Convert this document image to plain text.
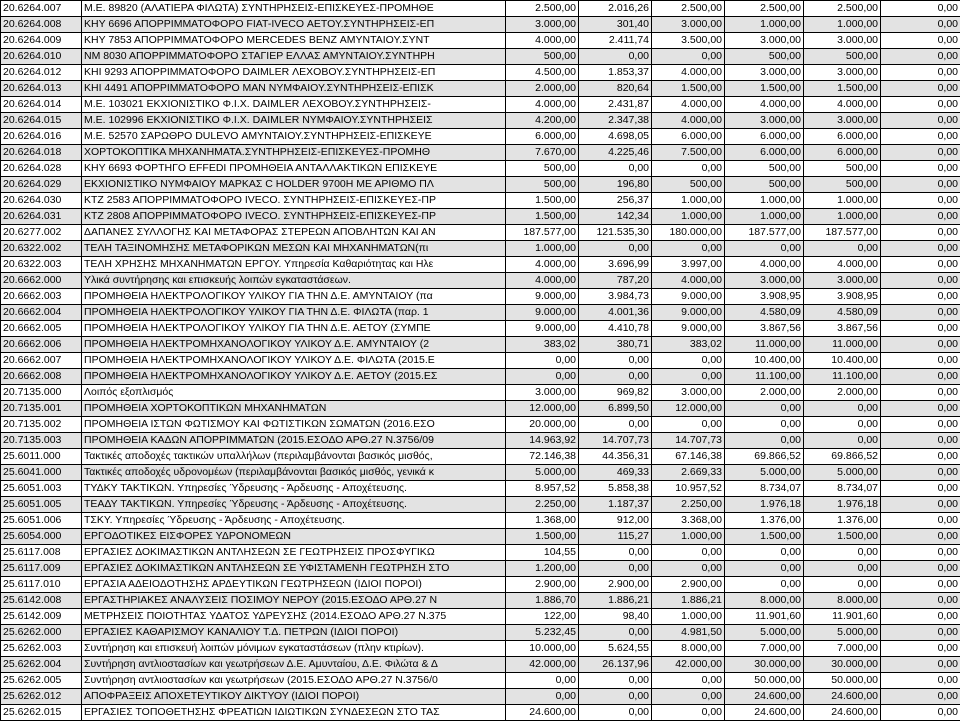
20.6264.007	Μ.Ε. 89820 (ΑΛΑΤΙΕΡΑ ΦΙΛΩΤΑ) ΣΥΝΤΗΡΗΣΕΙΣ-ΕΠΙΣΚΕΥΕΣ-ΠΡΟΜΗΘΕ	2.500,00	2.016,26	2.500,00	2.500,00	2.500,00	0,00
20.6264.008	ΚΗΥ 6696 ΑΠΟΡΡΙΜΜΑΤΟΦΟΡΟ FIAT-IVECO ΑΕΤΟΥ.ΣΥΝΤΗΡΗΣΕΙΣ-ΕΠ	3.000,00	301,40	3.000,00	1.000,00	1.000,00	0,00
20.6264.009	ΚΗΥ 7853 ΑΠΟΡΡΙΜΜΑΤΟΦΟΡΟ MERCEDES BENZ ΑΜΥΝΤΑΙΟΥ.ΣΥΝΤ	4.000,00	2.411,74	3.500,00	3.000,00	3.000,00	0,00
20.6264.010	ΝΜ 8030 ΑΠΟΡΡΙΜΜΑΤΟΦΟΡΟ ΣΤΑΓΙΕΡ ΕΛΛΑΣ ΑΜΥΝΤΑΙΟΥ.ΣΥΝΤΗΡΗ	500,00	0,00	0,00	500,00	500,00	0,00
20.6264.012	ΚΗΙ 9293 ΑΠΟΡΡΙΜΜΑΤΟΦΟΡΟ DAIMLER ΛΕΧΟΒΟΥ.ΣΥΝΤΗΡΗΣΕΙΣ-ΕΠ	4.500,00	1.853,37	4.000,00	3.000,00	3.000,00	0,00
20.6264.013	ΚΗΙ 4491 ΑΠΟΡΡΙΜΜΑΤΟΦΟΡΟ ΜΑΝ ΝΥΜΦΑΙΟΥ.ΣΥΝΤΗΡΗΣΕΙΣ-ΕΠΙΣΚ	2.000,00	820,64	1.500,00	1.500,00	1.500,00	0,00
20.6264.014	Μ.Ε. 103021 ΕΚΧΙΟΝΙΣΤΙΚΟ Φ.Ι.Χ. DAIMLER ΛΕΧΟΒΟΥ.ΣΥΝΤΗΡΗΣΕΙΣ-	4.000,00	2.431,87	4.000,00	4.000,00	4.000,00	0,00
20.6264.015	Μ.Ε. 102996 ΕΚΧΙΟΝΙΣΤΙΚΟ Φ.Ι.Χ. DAIMLER ΝΥΜΦΑΙΟΥ.ΣΥΝΤΗΡΗΣΕΙΣ	4.200,00	2.347,38	4.000,00	3.000,00	3.000,00	0,00
20.6264.016	Μ.Ε. 52570 ΣΑΡΩΘΡΟ DULEVO ΑΜΥΝΤΑΙΟΥ.ΣΥΝΤΗΡΗΣΕΙΣ-ΕΠΙΣΚΕΥΕ	6.000,00	4.698,05	6.000,00	6.000,00	6.000,00	0,00
20.6264.018	ΧΟΡΤΟΚΟΠΤΙΚΑ ΜΗΧΑΝΗΜΑΤΑ.ΣΥΝΤΗΡΗΣΕΙΣ-ΕΠΙΣΚΕΥΕΣ-ΠΡΟΜΗΘ	7.670,00	4.225,46	7.500,00	6.000,00	6.000,00	0,00
20.6264.028	ΚΗΥ 6693 ΦΟΡΤΗΓΟ EFFEDI ΠΡΟΜΗΘΕΙΑ ΑΝΤΑΛΛΑΚΤΙΚΩΝ ΕΠΙΣΚΕΥΕ	500,00	0,00	0,00	500,00	500,00	0,00
20.6264.029	ΕΚΧΙΟΝΙΣΤΙΚΟ ΝΥΜΦΑΙΟΥ ΜΑΡΚΑΣ C HOLDER 9700H ΜΕ ΑΡΙΘΜΟ ΠΛ	500,00	196,80	500,00	500,00	500,00	0,00
20.6264.030	ΚΤΖ 2583 ΑΠΟΡΡΙΜΜΑΤΟΦΟΡΟ IVECO. ΣΥΝΤΗΡΗΣΕΙΣ-ΕΠΙΣΚΕΥΕΣ-ΠΡ	1.500,00	256,37	1.000,00	1.000,00	1.000,00	0,00
20.6264.031	ΚΤΖ 2808 ΑΠΟΡΡΙΜΜΑΤΟΦΟΡΟ IVECO. ΣΥΝΤΗΡΗΣΕΙΣ-ΕΠΙΣΚΕΥΕΣ-ΠΡ	1.500,00	142,34	1.000,00	1.000,00	1.000,00	0,00
20.6277.002	ΔΑΠΑΝΕΣ ΣΥΛΛΟΓΗΣ ΚΑΙ ΜΕΤΑΦΟΡΑΣ ΣΤΕΡΕΩΝ ΑΠΟΒΛΗΤΩΝ ΚΑΙ ΑΝ	187.577,00	121.535,30	180.000,00	187.577,00	187.577,00	0,00
20.6322.002	ΤΕΛΗ ΤΑΞΙΝΟΜΗΣΗΣ ΜΕΤΑΦΟΡΙΚΩΝ ΜΕΣΩΝ ΚΑΙ ΜΗΧΑΝΗΜΑΤΩΝ(πι	1.000,00	0,00	0,00	0,00	0,00	0,00
20.6322.003	ΤΕΛΗ ΧΡΗΣΗΣ ΜΗΧΑΝΗΜΑΤΩΝ ΕΡΓΟΥ. Υπηρεσία Καθαριότητας και Ηλε	4.000,00	3.696,99	3.997,00	4.000,00	4.000,00	0,00
20.6662.000	Υλικά συντήρησης και επισκευής λοιπών εγκαταστάσεων.	4.000,00	787,20	4.000,00	3.000,00	3.000,00	0,00
20.6662.003	ΠΡΟΜΗΘΕΙΑ ΗΛΕΚΤΡΟΛΟΓΙΚΟΥ ΥΛΙΚΟΥ ΓΙΑ ΤΗΝ Δ.Ε. ΑΜΥΝΤΑΙΟΥ (πα	9.000,00	3.984,73	9.000,00	3.908,95	3.908,95	0,00
20.6662.004	ΠΡΟΜΗΘΕΙΑ ΗΛΕΚΤΡΟΛΟΓΙΚΟΥ ΥΛΙΚΟΥ ΓΙΑ ΤΗΝ Δ.Ε. ΦΙΛΩΤΑ (παρ. 1	9.000,00	4.001,36	9.000,00	4.580,09	4.580,09	0,00
20.6662.005	ΠΡΟΜΗΘΕΙΑ ΗΛΕΚΤΡΟΛΟΓΙΚΟΥ ΥΛΙΚΟΥ ΓΙΑ ΤΗΝ Δ.Ε. ΑΕΤΟΥ (ΣΥΜΠΕ	9.000,00	4.410,78	9.000,00	3.867,56	3.867,56	0,00
20.6662.006	ΠΡΟΜΗΘΕΙΑ ΗΛΕΚΤΡΟΜΗΧΑΝΟΛΟΓΙΚΟΥ ΥΛΙΚΟΥ Δ.Ε. ΑΜΥΝΤΑΙΟΥ (2	383,02	380,71	383,02	11.000,00	11.000,00	0,00
20.6662.007	ΠΡΟΜΗΘΕΙΑ ΗΛΕΚΤΡΟΜΗΧΑΝΟΛΟΓΙΚΟΥ ΥΛΙΚΟΥ Δ.Ε. ΦΙΛΩΤΑ (2015.Ε	0,00	0,00	0,00	10.400,00	10.400,00	0,00
20.6662.008	ΠΡΟΜΗΘΕΙΑ ΗΛΕΚΤΡΟΜΗΧΑΝΟΛΟΓΙΚΟΥ ΥΛΙΚΟΥ Δ.Ε. ΑΕΤΟΥ (2015.ΕΣ	0,00	0,00	0,00	11.100,00	11.100,00	0,00
20.7135.000	Λοιπός εξοπλισμός	3.000,00	969,82	3.000,00	2.000,00	2.000,00	0,00
20.7135.001	ΠΡΟΜΗΘΕΙΑ ΧΟΡΤΟΚΟΠΤΙΚΩΝ ΜΗΧΑΝΗΜΑΤΩΝ	12.000,00	6.899,50	12.000,00	0,00	0,00	0,00
20.7135.002	ΠΡΟΜΗΘΕΙΑ ΙΣΤΩΝ ΦΩΤΙΣΜΟΥ ΚΑΙ ΦΩΤΙΣΤΙΚΩΝ ΣΩΜΑΤΩΝ (2016.ΕΣΟ	20.000,00	0,00	0,00	0,00	0,00	0,00
20.7135.003	ΠΡΟΜΗΘΕΙΑ ΚΑΔΩΝ ΑΠΟΡΡΙΜΜΑΤΩΝ (2015.ΕΣΟΔΟ ΑΡΘ.27 Ν.3756/09	14.963,92	14.707,73	14.707,73	0,00	0,00	0,00
25.6011.000	Τακτικές αποδοχές τακτικών υπαλλήλων (περιλαμβάνονται βασικός μισθός,	72.146,38	44.356,31	67.146,38	69.866,52	69.866,52	0,00
25.6041.000	Τακτικές αποδοχές υδρονομέων (περιλαμβάνονται βασικός μισθός, γενικά κ	5.000,00	469,33	2.669,33	5.000,00	5.000,00	0,00
25.6051.003	ΤΥΔΚΥ ΤΑΚΤΙΚΩΝ. Υπηρεσίες Ύδρευσης - Άρδευσης - Αποχέτευσης.	8.957,52	5.858,38	10.957,52	8.734,07	8.734,07	0,00
25.6051.005	ΤΕΑΔΥ ΤΑΚΤΙΚΩΝ. Υπηρεσίες Ύδρευσης - Άρδευσης - Αποχέτευσης.	2.250,00	1.187,37	2.250,00	1.976,18	1.976,18	0,00
25.6051.006	ΤΣΚΥ. Υπηρεσίες Ύδρευσης - Άρδευσης - Αποχέτευσης.	1.368,00	912,00	3.368,00	1.376,00	1.376,00	0,00
25.6054.000	ΕΡΓΟΔΟΤΙΚΕΣ ΕΙΣΦΟΡΕΣ ΥΔΡΟΝΟΜΕΩΝ	1.500,00	115,27	1.000,00	1.500,00	1.500,00	0,00
25.6117.008	ΕΡΓΑΣΙΕΣ ΔΟΚΙΜΑΣΤΙΚΩΝ ΑΝΤΛΗΣΕΩΝ ΣΕ ΓΕΩΤΡΗΣΕΙΣ ΠΡΟΣΦΥΓΙΚΩ	104,55	0,00	0,00	0,00	0,00	0,00
25.6117.009	ΕΡΓΑΣΙΕΣ ΔΟΚΙΜΑΣΤΙΚΩΝ ΑΝΤΛΗΣΕΩΝ ΣΕ ΥΦΙΣΤΑΜΕΝΗ ΓΕΩΤΡΗΣΗ ΣΤΟ	1.200,00	0,00	0,00	0,00	0,00	0,00
25.6117.010	ΕΡΓΑΣΙΑ ΑΔΕΙΟΔΟΤΗΣΗΣ ΑΡΔΕΥΤΙΚΩΝ ΓΕΩΤΡΗΣΕΩΝ (ΙΔΙΟΙ ΠΟΡΟΙ)	2.900,00	2.900,00	2.900,00	0,00	0,00	0,00
25.6142.008	ΕΡΓΑΣΤΗΡΙΑΚΕΣ ΑΝΑΛΥΣΕΙΣ ΠΟΣΙΜΟΥ ΝΕΡΟΥ (2015.ΕΣΟΔΟ ΑΡΘ.27 Ν	1.886,70	1.886,21	1.886,21	8.000,00	8.000,00	0,00
25.6142.009	ΜΕΤΡΗΣΕΙΣ ΠΟΙΟΤΗΤΑΣ ΥΔΑΤΟΣ ΥΔΡΕΥΣΗΣ (2014.ΕΣΟΔΟ ΑΡΘ.27 Ν.375	122,00	98,40	1.000,00	11.901,60	11.901,60	0,00
25.6262.000	ΕΡΓΑΣΙΕΣ ΚΑΘΑΡΙΣΜΟΥ ΚΑΝΑΛΙΟΥ Τ.Δ. ΠΕΤΡΩΝ (ΙΔΙΟΙ ΠΟΡΟΙ)	5.232,45	0,00	4.981,50	5.000,00	5.000,00	0,00
25.6262.003	Συντήρηση και επισκευή λοιπών μόνιμων εγκαταστάσεων (πλην κτιρίων).	10.000,00	5.624,55	8.000,00	7.000,00	7.000,00	0,00
25.6262.004	Συντήρηση αντλιοστασίων και γεωτρήσεων Δ.Ε. Αμυνταίου, Δ.Ε. Φιλώτα & Δ	42.000,00	26.137,96	42.000,00	30.000,00	30.000,00	0,00
25.6262.005	Συντήρηση αντλιοστασίων και γεωτρήσεων (2015.ΕΣΟΔΟ ΑΡΘ.27 Ν.3756/0	0,00	0,00	0,00	50.000,00	50.000,00	0,00
25.6262.012	ΑΠΟΦΡΑΞΕΙΣ ΑΠΟΧΕΤΕΥΤΙΚΟΥ ΔΙΚΤΥΟΥ (ΙΔΙΟΙ ΠΟΡΟΙ)	0,00	0,00	0,00	24.600,00	24.600,00	0,00
25.6262.015	ΕΡΓΑΣΙΕΣ ΤΟΠΟΘΕΤΗΣΗΣ ΦΡΕΑΤΙΩΝ ΙΔΙΩΤΙΚΩΝ ΣΥΝΔΕΣΕΩΝ ΣΤΟ ΤΑΣ	24.600,00	0,00	0,00	24.600,00	24.600,00	0,00
